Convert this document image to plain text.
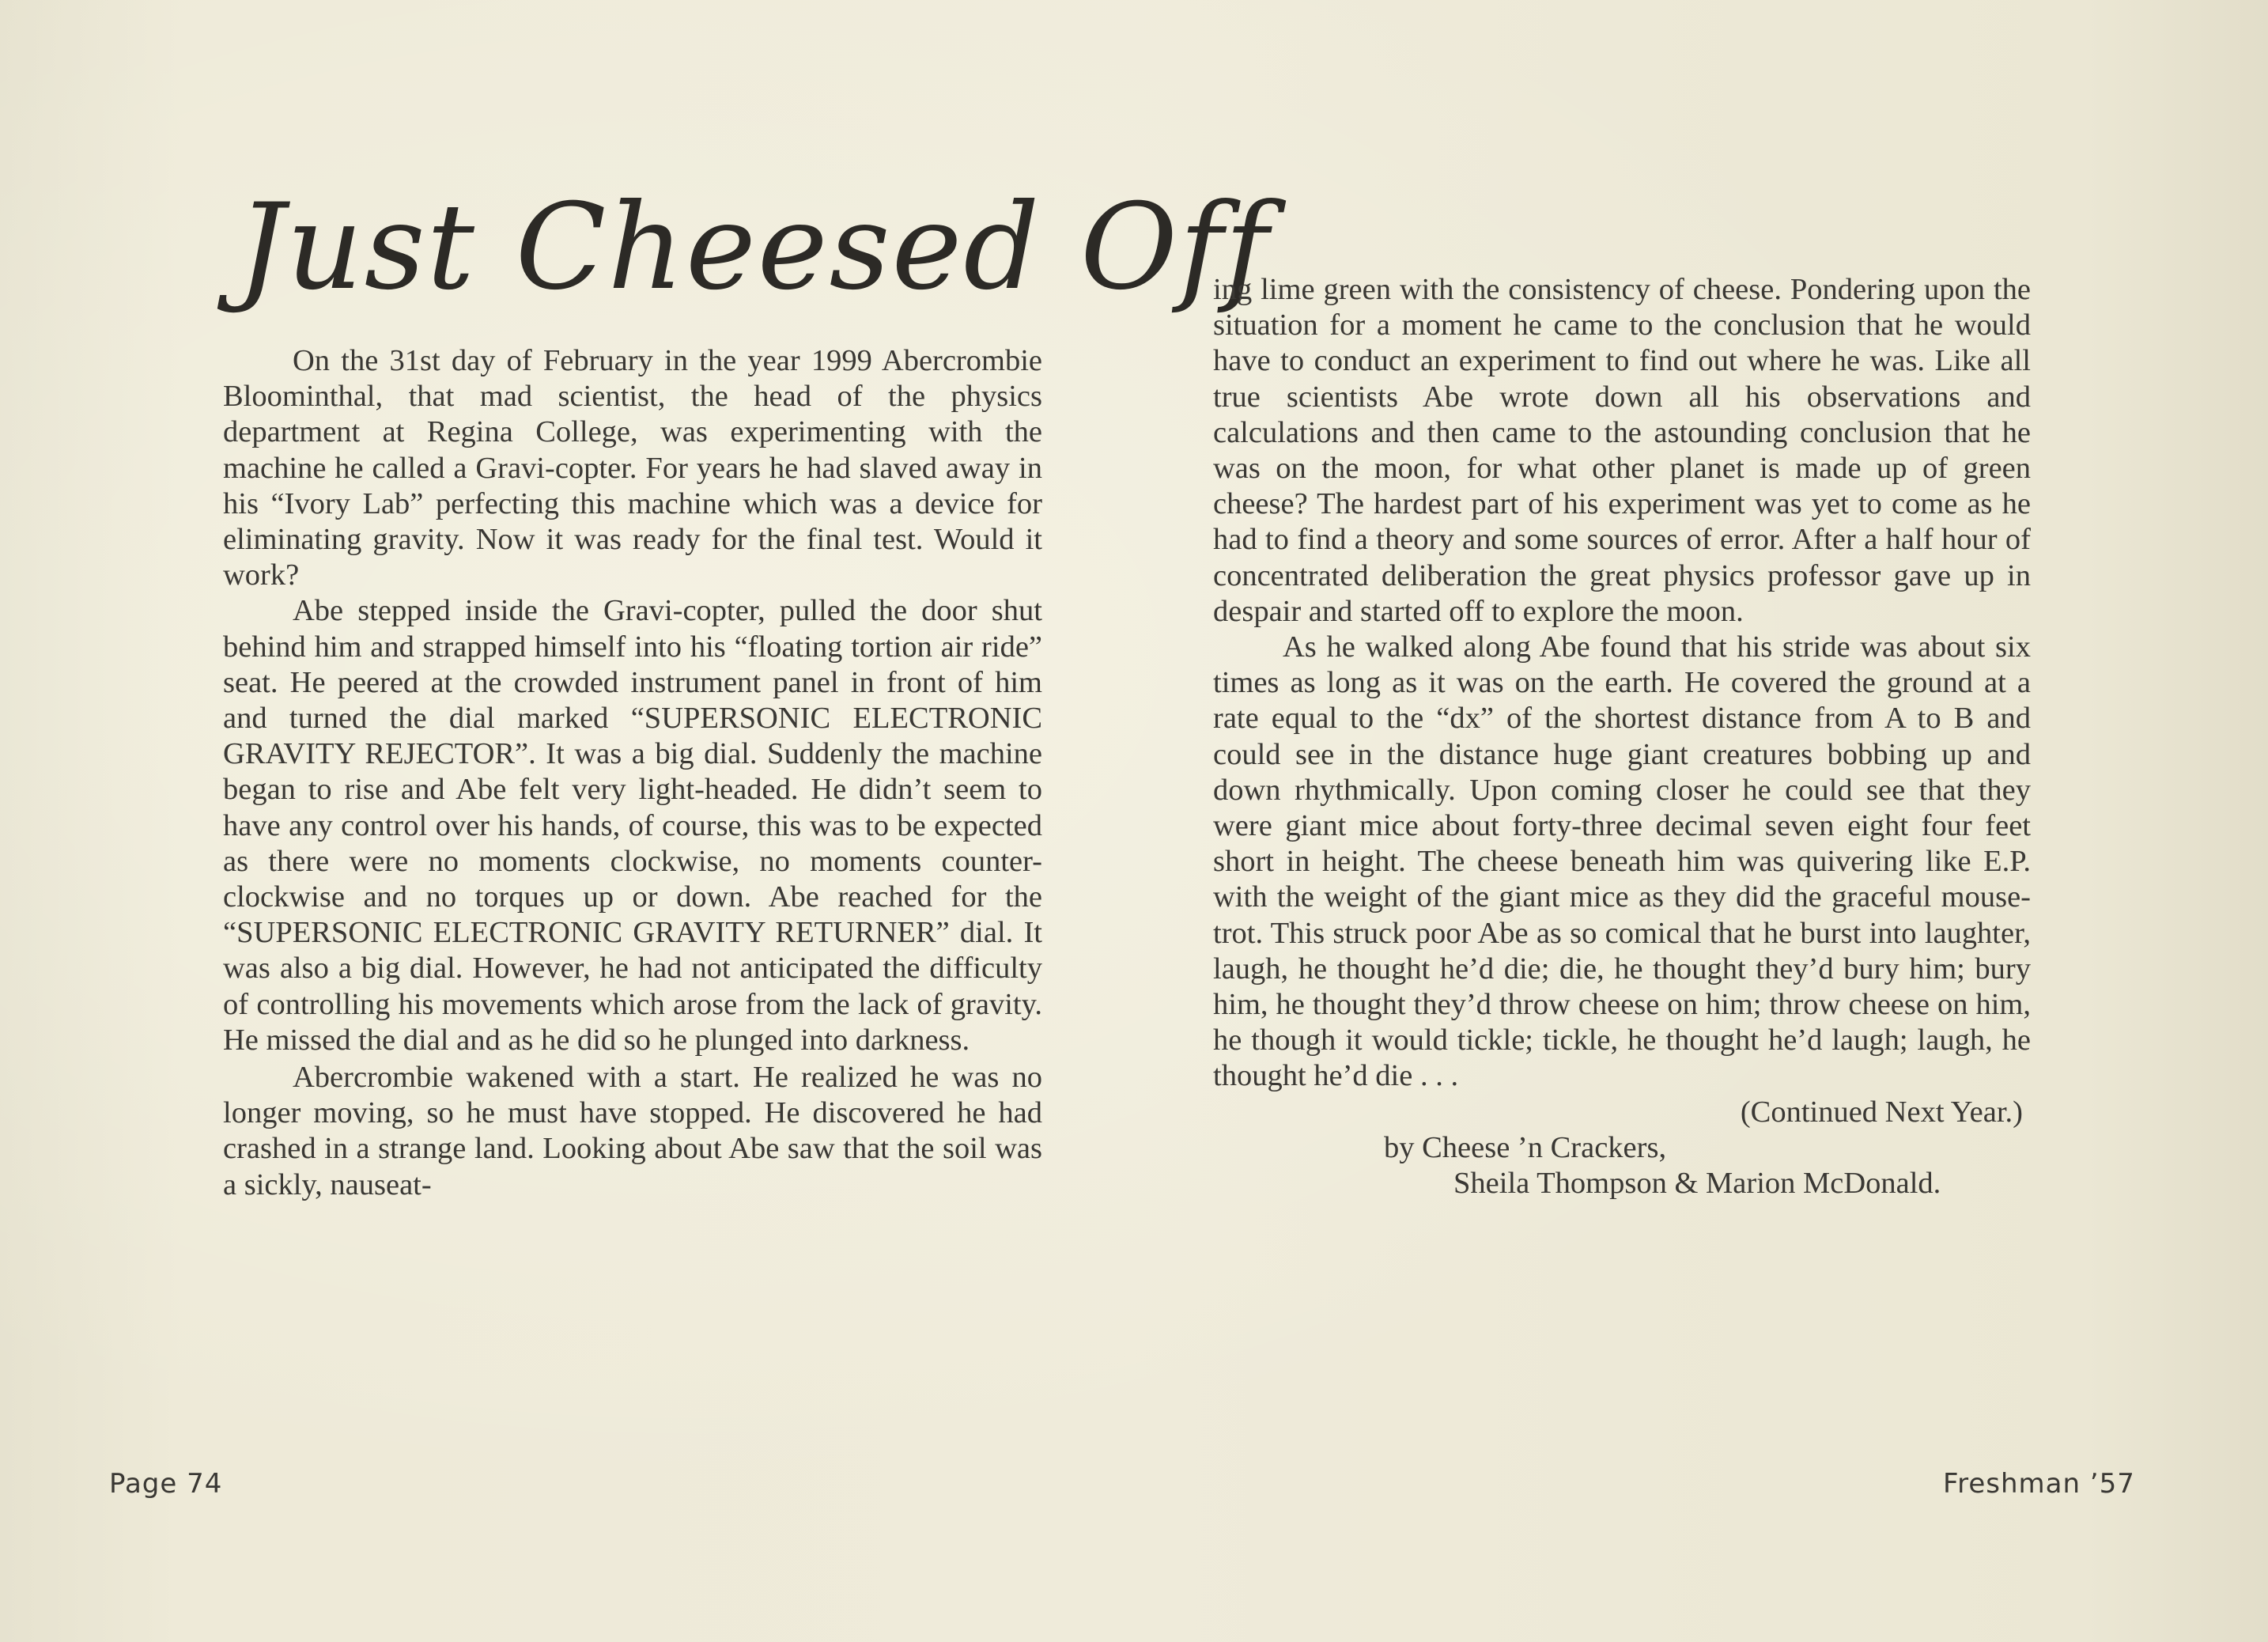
Just Cheesed Off

On the 31st day of February in the year 1999 Abercrombie Bloominthal, that mad scientist, the head of the physics department at Regina College, was experimenting with the machine he called a Gravi-copter. For years he had slaved away in his “Ivory Lab” perfecting this machine which was a device for eliminating gravity. Now it was ready for the final test. Would it work?

Abe stepped inside the Gravi-copter, pulled the door shut behind him and strapped himself into his “floating tortion air ride” seat. He peered at the crowded instrument panel in front of him and turned the dial marked “SUPERSONIC ELECTRONIC GRAVITY REJECTOR”. It was a big dial. Suddenly the machine began to rise and Abe felt very light-headed. He didn’t seem to have any control over his hands, of course, this was to be expected as there were no moments clockwise, no moments counter-clockwise and no torques up or down. Abe reached for the “SUPERSONIC ELECTRONIC GRAVITY RETURNER” dial. It was also a big dial. However, he had not anticipated the difficulty of controlling his movements which arose from the lack of gravity. He missed the dial and as he did so he plunged into darkness.

Abercrombie wakened with a start. He realized he was no longer moving, so he must have stopped. He discovered he had crashed in a strange land. Looking about Abe saw that the soil was a sickly, nauseat-

ing lime green with the consistency of cheese. Pondering upon the situation for a moment he came to the conclusion that he would have to conduct an experiment to find out where he was. Like all true scientists Abe wrote down all his observations and calculations and then came to the astounding conclusion that he was on the moon, for what other planet is made up of green cheese? The hardest part of his experiment was yet to come as he had to find a theory and some sources of error. After a half hour of concentrated deliberation the great physics professor gave up in despair and started off to explore the moon.

As he walked along Abe found that his stride was about six times as long as it was on the earth. He covered the ground at a rate equal to the “dx” of the shortest distance from A to B and could see in the distance huge giant creatures bobbing up and down rhythmically. Upon coming closer he could see that they were giant mice about forty-three decimal seven eight four feet short in height. The cheese beneath him was quivering like E.P. with the weight of the giant mice as they did the graceful mouse-trot. This struck poor Abe as so comical that he burst into laughter, laugh, he thought he’d die; die, he thought they’d bury him; bury him, he thought they’d throw cheese on him; throw cheese on him, he though it would tickle; tickle, he thought he’d laugh; laugh, he thought he’d die . . .

(Continued Next Year.)
by Cheese ’n Crackers,
Sheila Thompson & Marion McDonald.
Page 74	Freshman ’57
